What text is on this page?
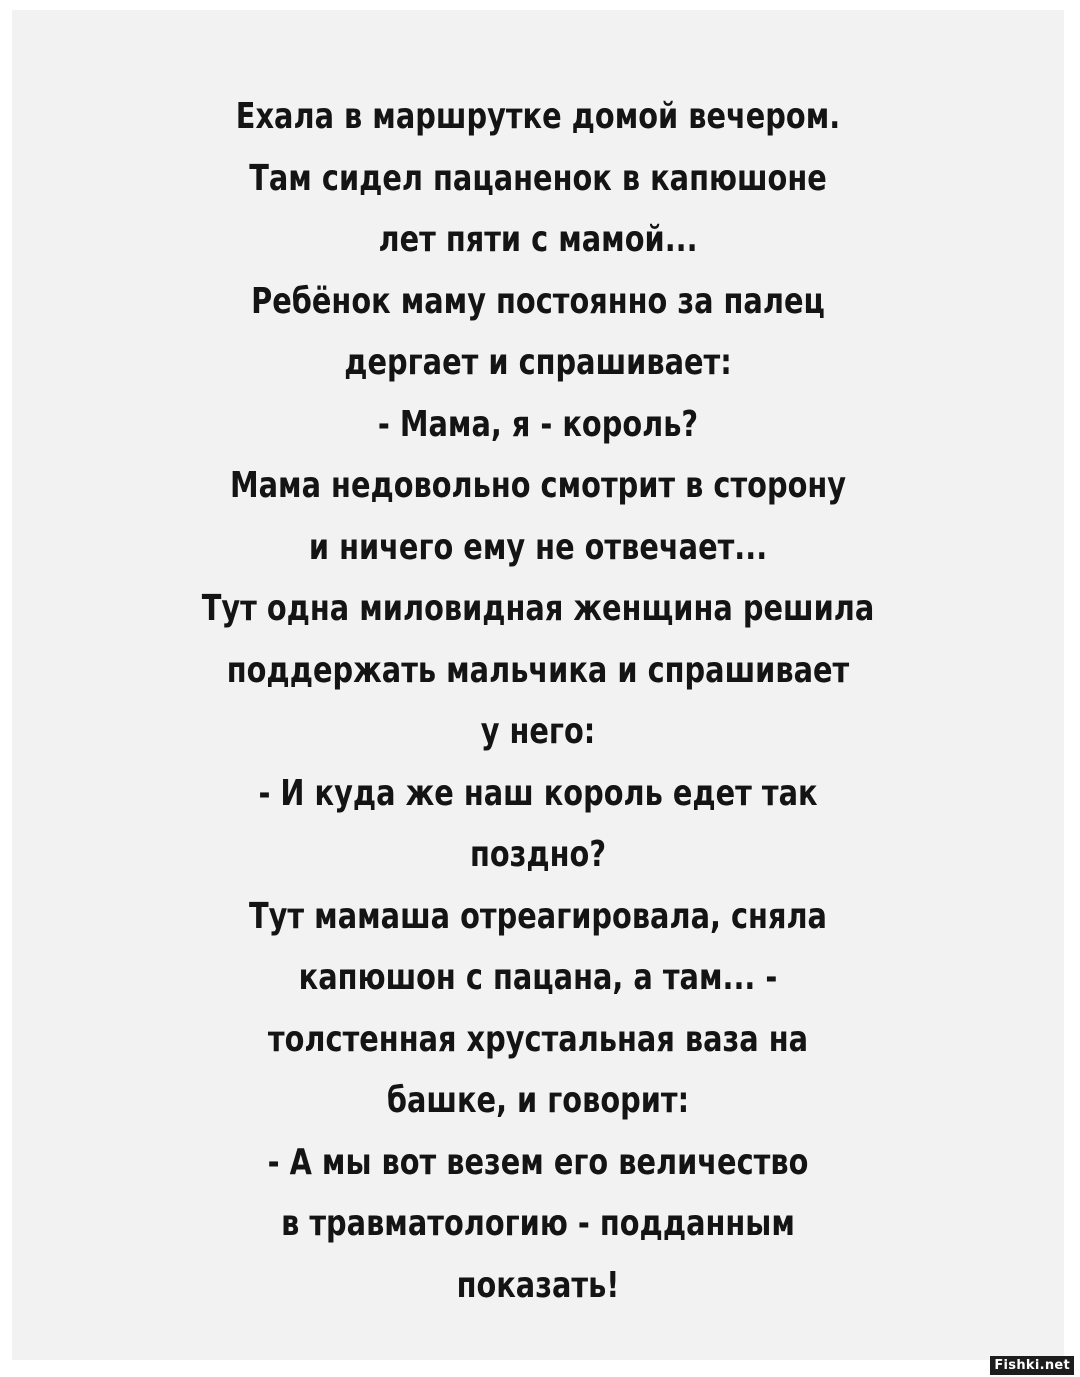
Ехала в маршрутке домой вечером.
Там сидел пацаненок в капюшоне
лет пяти с мамой...
Ребёнок маму постоянно за палец
дергает и спрашивает:
- Мама, я - король?
Мама недовольно смотрит в сторону
и ничего ему не отвечает...
Тут одна миловидная женщина решила
поддержать мальчика и спрашивает
у него:
- И куда же наш король едет так
поздно?
Тут мамаша отреагировала, сняла
капюшон с пацана, а там... -
толстенная хрустальная ваза на
башке, и говорит:
- А мы вот везем его величество
в травматологию - подданным
показать!
Fishki.net
